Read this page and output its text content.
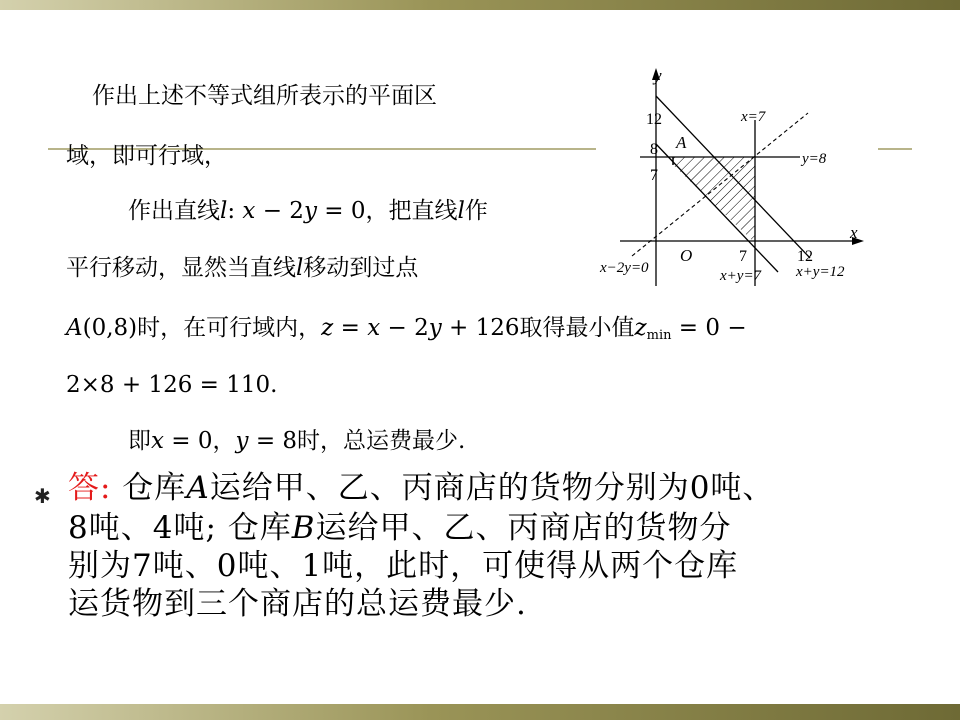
作出上述不等式组所表示的平面区
域，即可行域，
作出直线l: x − 2y = 0，把直线l作
平行移动，显然当直线l移动到过点
A(0,8)时，在可行域内，z = x − 2y + 126取得最小值$z_{min} = 0$ −
2×8 + 126 = 110.
即x = 0，y = 8时，总运费最少.
✱ 答: 仓库A运给甲、乙、丙商店的货物分别为0吨、
8吨、4吨; 仓库B运给甲、乙、丙商店的货物分
别为7吨、0吨、1吨，此时，可使得从两个仓库
运货物到三个商店的总运费最少.
y
x
O
A
12
8
7
7	12
x=7
y=8
x−2y=0	x+y=7 x+y=12
